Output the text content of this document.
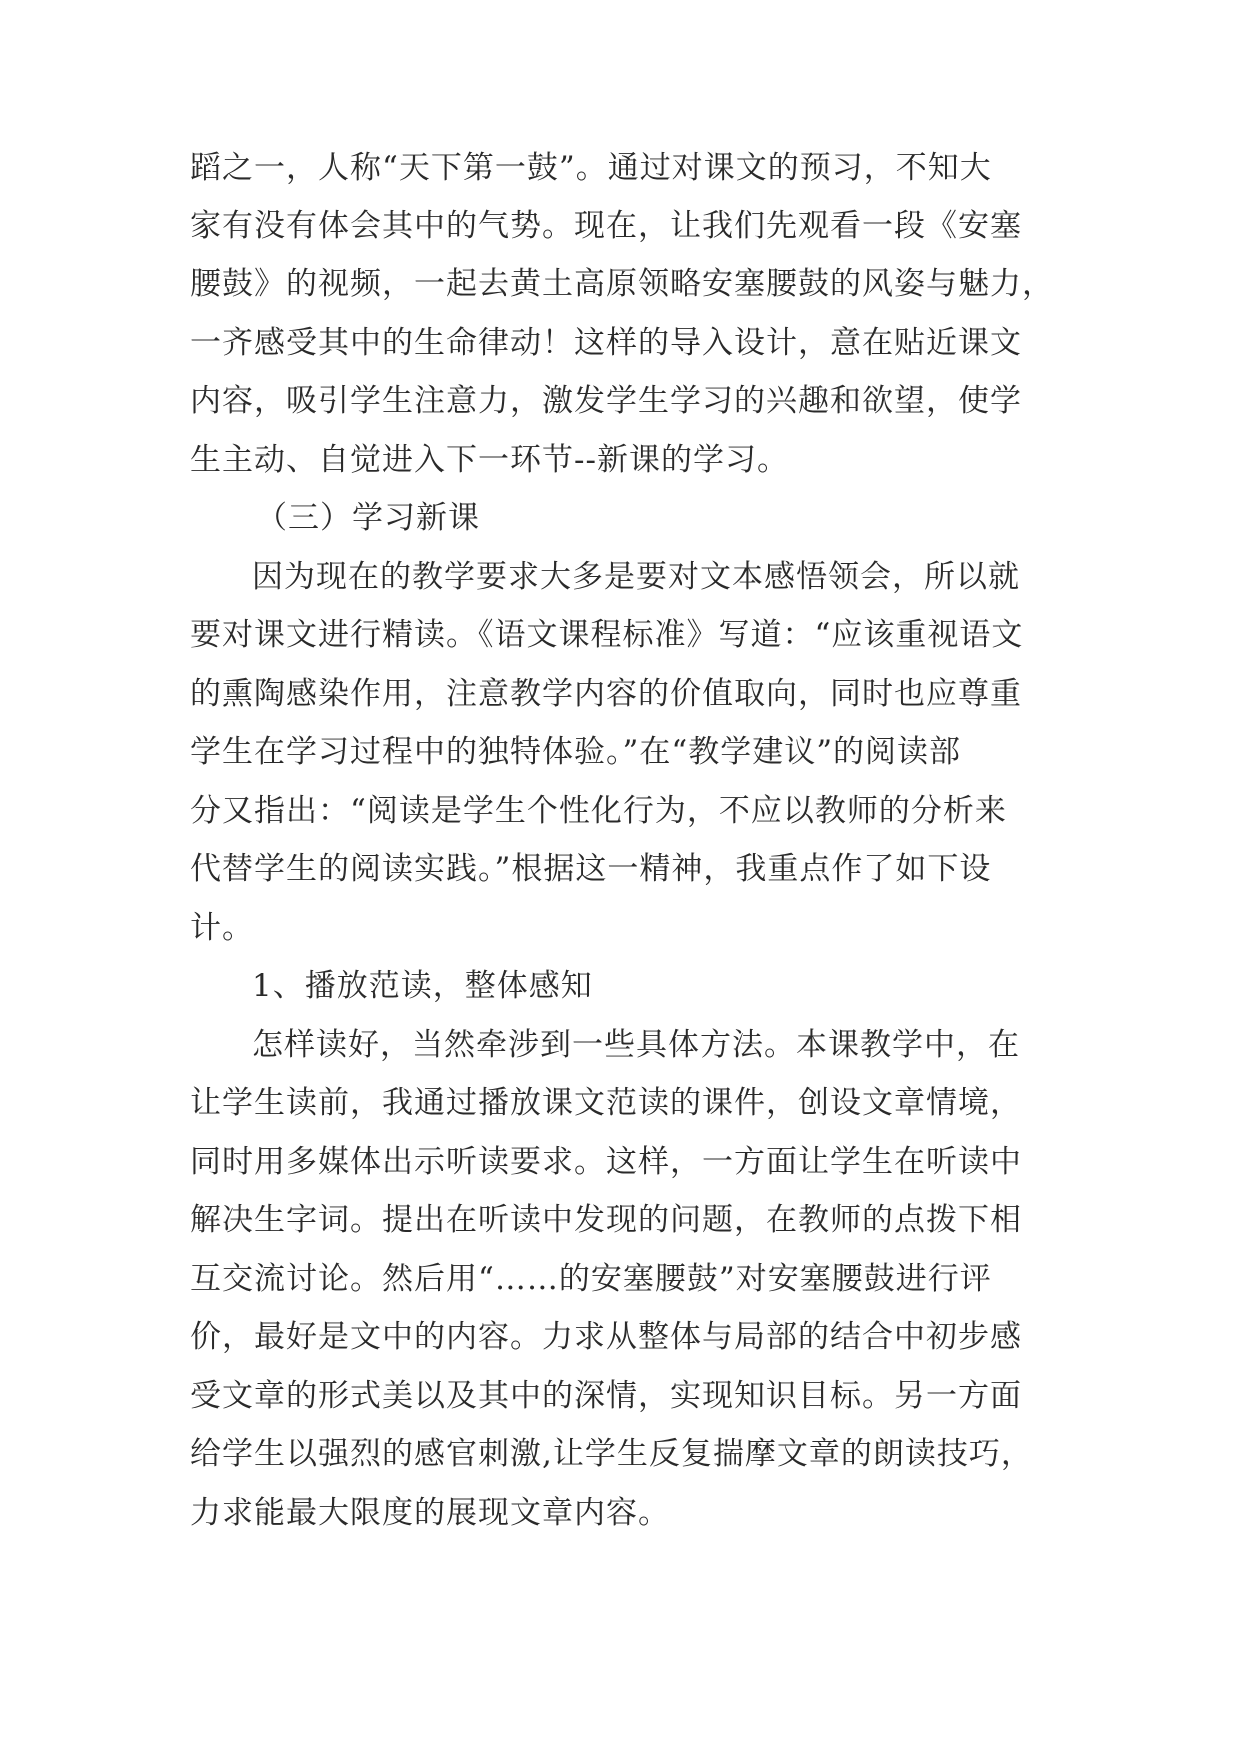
蹈之一，人称“天下第一鼓”。通过对课文的预习，不知大
家有没有体会其中的气势。现在，让我们先观看一段《安塞
腰鼓》的视频，一起去黄土高原领略安塞腰鼓的风姿与魅力，
一齐感受其中的生命律动！这样的导入设计，意在贴近课文
内容，吸引学生注意力，激发学生学习的兴趣和欲望，使学
生主动、自觉进入下一环节--新课的学习。
（三）学习新课
因为现在的教学要求大多是要对文本感悟领会，所以就
要对课文进行精读。《语文课程标准》写道：“应该重视语文
的熏陶感染作用，注意教学内容的价值取向，同时也应尊重
学生在学习过程中的独特体验。”在“教学建议”的阅读部
分又指出：“阅读是学生个性化行为，不应以教师的分析来
代替学生的阅读实践。”根据这一精神，我重点作了如下设
计。
1、播放范读，整体感知
怎样读好，当然牵涉到一些具体方法。本课教学中，在
让学生读前，我通过播放课文范读的课件，创设文章情境，
同时用多媒体出示听读要求。这样，一方面让学生在听读中
解决生字词。提出在听读中发现的问题，在教师的点拨下相
互交流讨论。然后用“……的安塞腰鼓”对安塞腰鼓进行评
价，最好是文中的内容。力求从整体与局部的结合中初步感
受文章的形式美以及其中的深情，实现知识目标。另一方面
给学生以强烈的感官刺激,让学生反复揣摩文章的朗读技巧，
力求能最大限度的展现文章内容。
